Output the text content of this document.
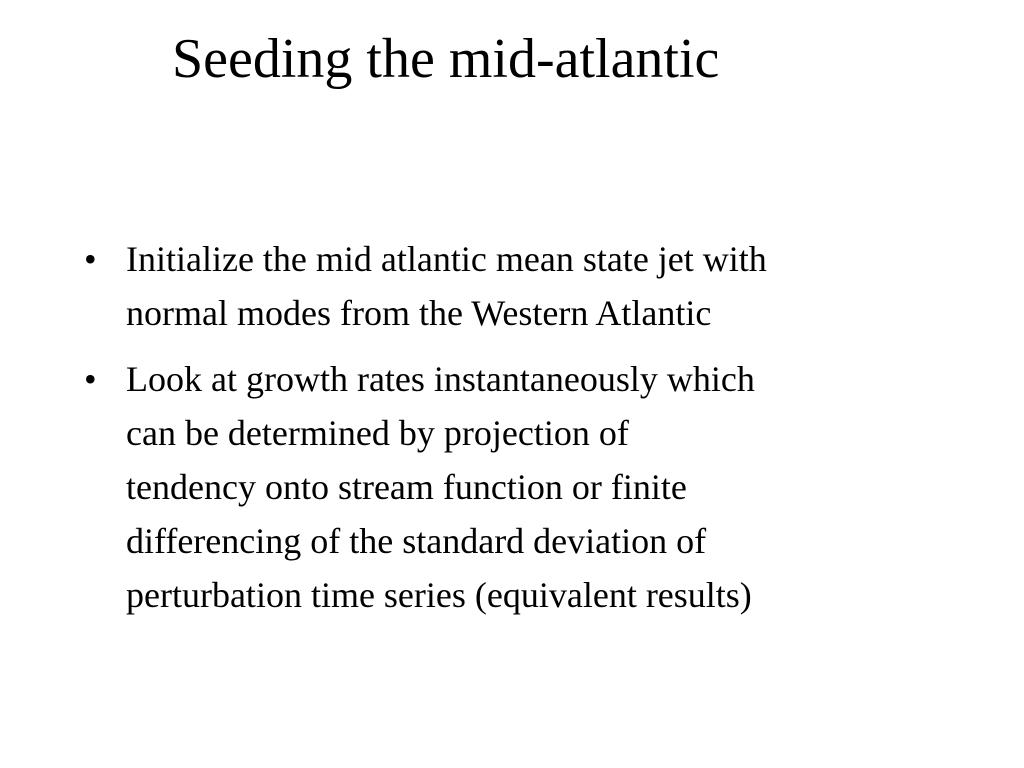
Seeding the mid-atlantic
• Initialize the mid atlantic mean state jet with
normal modes from the Western Atlantic
• Look at growth rates instantaneously which
can be determined by projection of
tendency onto stream function or finite
differencing of the standard deviation of
perturbation time series (equivalent results)
